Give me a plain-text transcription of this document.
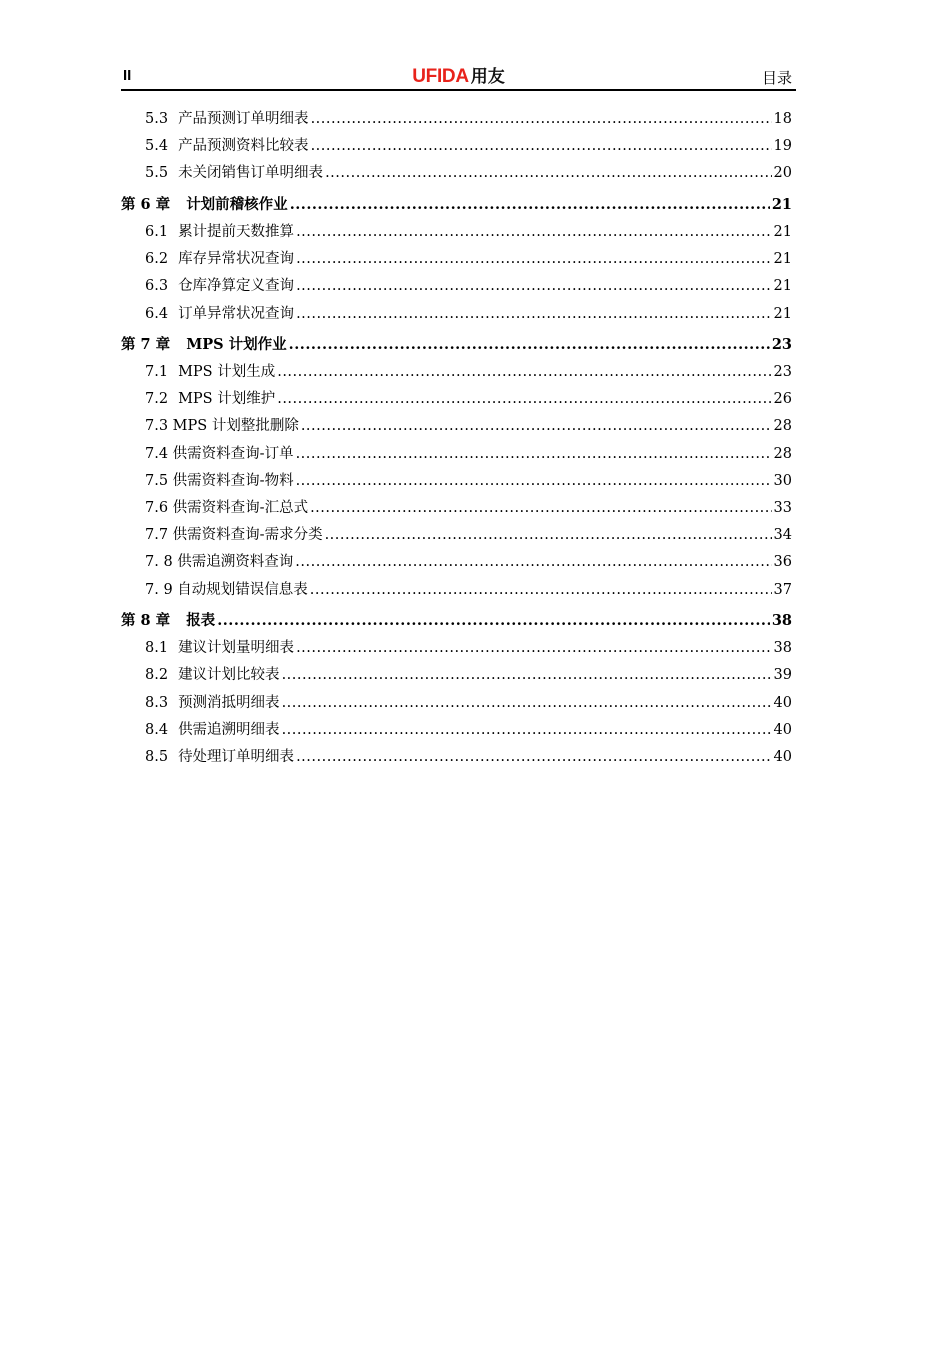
II	UFIDA 用友	目录
5.3 产品预测订单明细表 .....	18
5.4 产品预测资料比较表 .....	19
5.5 未关闭销售订单明细表 .....	20
第 6 章 计划前稽核作业 .....	21
6.1 累计提前天数推算 .....	21
6.2 库存异常状况查询 .....	21
6.3 仓库净算定义查询 .....	21
6.4 订单异常状况查询 .....	21
第 7 章 MPS 计划作业 .....	23
7.1 MPS 计划生成 .....	23
7.2 MPS 计划维护 .....	26
7.3 MPS 计划整批删除 .....	28
7.4 供需资料查询-订单 .....	28
7.5 供需资料查询-物料 .....	30
7.6 供需资料查询-汇总式 .....	33
7.7 供需资料查询-需求分类 .....	34
7. 8 供需追溯资料查询 .....	36
7. 9 自动规划错误信息表 .....	37
第 8 章 报表 .....	38
8.1 建议计划量明细表 .....	38
8.2 建议计划比较表 .....	39
8.3 预测消抵明细表 .....	40
8.4 供需追溯明细表 .....	40
8.5 待处理订单明细表 .....	40
